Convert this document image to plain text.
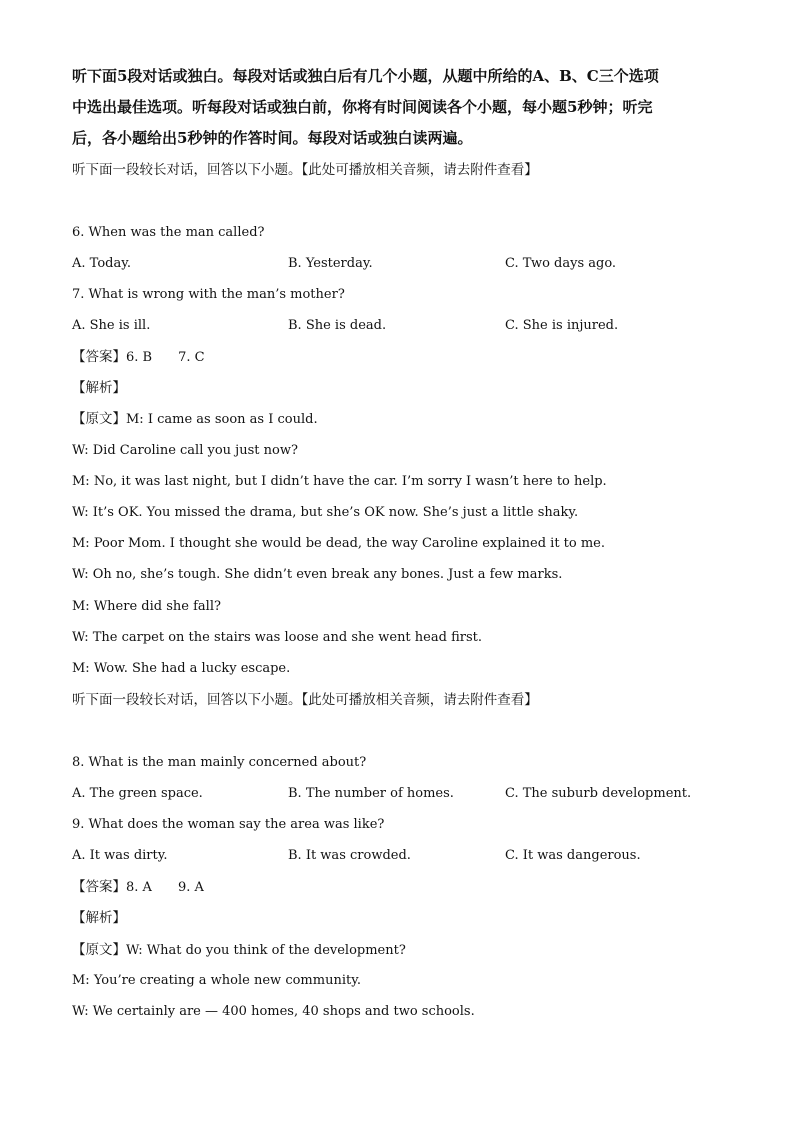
听下面5段对话或独白。每段对话或独白后有几个小题，从题中所给的A、B、C三个选项
中选出最佳选项。听每段对话或独白前，你将有时间阅读各个小题，每小题5秒钟；听完
后，各小题给出5秒钟的作答时间。每段对话或独白读两遍。
听下面一段较长对话，回答以下小题。【此处可播放相关音频，请去附件查看】
6. When was the man called?
A. Today.	B. Yesterday.	C. Two days ago.
7. What is wrong with the man’s mother?
A. She is ill.	B. She is dead.	C. She is injured.
【答案】6. B 7. C
【解析】
【原文】M: I came as soon as I could.
W: Did Caroline call you just now?
M: No, it was last night, but I didn’t have the car. I’m sorry I wasn’t here to help.
W: It’s OK. You missed the drama, but she’s OK now. She’s just a little shaky.
M: Poor Mom. I thought she would be dead, the way Caroline explained it to me.
W: Oh no, she’s tough. She didn’t even break any bones. Just a few marks.
M: Where did she fall?
W: The carpet on the stairs was loose and she went head first.
M: Wow. She had a lucky escape.
听下面一段较长对话，回答以下小题。【此处可播放相关音频，请去附件查看】
8. What is the man mainly concerned about?
A. The green space.	B. The number of homes.	C. The suburb development.
9. What does the woman say the area was like?
A. It was dirty.	B. It was crowded.	C. It was dangerous.
【答案】8. A 9. A
【解析】
【原文】W: What do you think of the development?
M: You’re creating a whole new community.
W: We certainly are — 400 homes, 40 shops and two schools.
